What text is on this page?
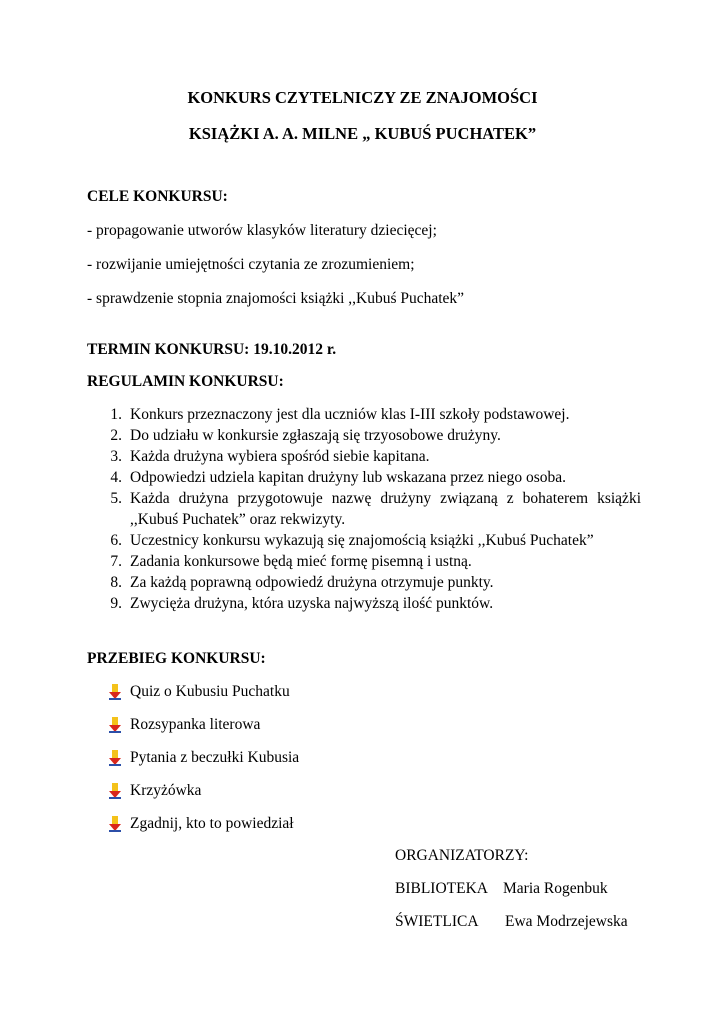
KONKURS CZYTELNICZY ZE ZNAJOMOŚCI
KSIĄŻKI A. A. MILNE „ KUBUŚ PUCHATEK”
CELE KONKURSU:
- propagowanie utworów klasyków literatury dziecięcej;
- rozwijanie umiejętności czytania ze zrozumieniem;
- sprawdzenie stopnia znajomości książki ,,Kubuś Puchatek”
TERMIN KONKURSU: 19.10.2012 r.
REGULAMIN KONKURSU:
1. Konkurs przeznaczony jest dla uczniów klas I-III szkoły podstawowej.
2. Do udziału w konkursie zgłaszają się trzyosobowe drużyny.
3. Każda drużyna wybiera spośród siebie kapitana.
4. Odpowiedzi udziela kapitan drużyny lub wskazana przez niego osoba.
5. Każda drużyna przygotowuje nazwę drużyny związaną z bohaterem książki
,,Kubuś Puchatek” oraz rekwizyty.
6. Uczestnicy konkursu wykazują się znajomością książki ,,Kubuś Puchatek”
7. Zadania konkursowe będą mieć formę pisemną i ustną.
8. Za każdą poprawną odpowiedź drużyna otrzymuje punkty.
9. Zwycięża drużyna, która uzyska najwyższą ilość punktów.
PRZEBIEG KONKURSU:
Quiz o Kubusiu Puchatku
Rozsypanka literowa
Pytania z beczułki Kubusia
Krzyżówka
Zgadnij, kto to powiedział
ORGANIZATORZY:
BIBLIOTEKA Maria Rogenbuk
ŚWIETLICA Ewa Modrzejewska
